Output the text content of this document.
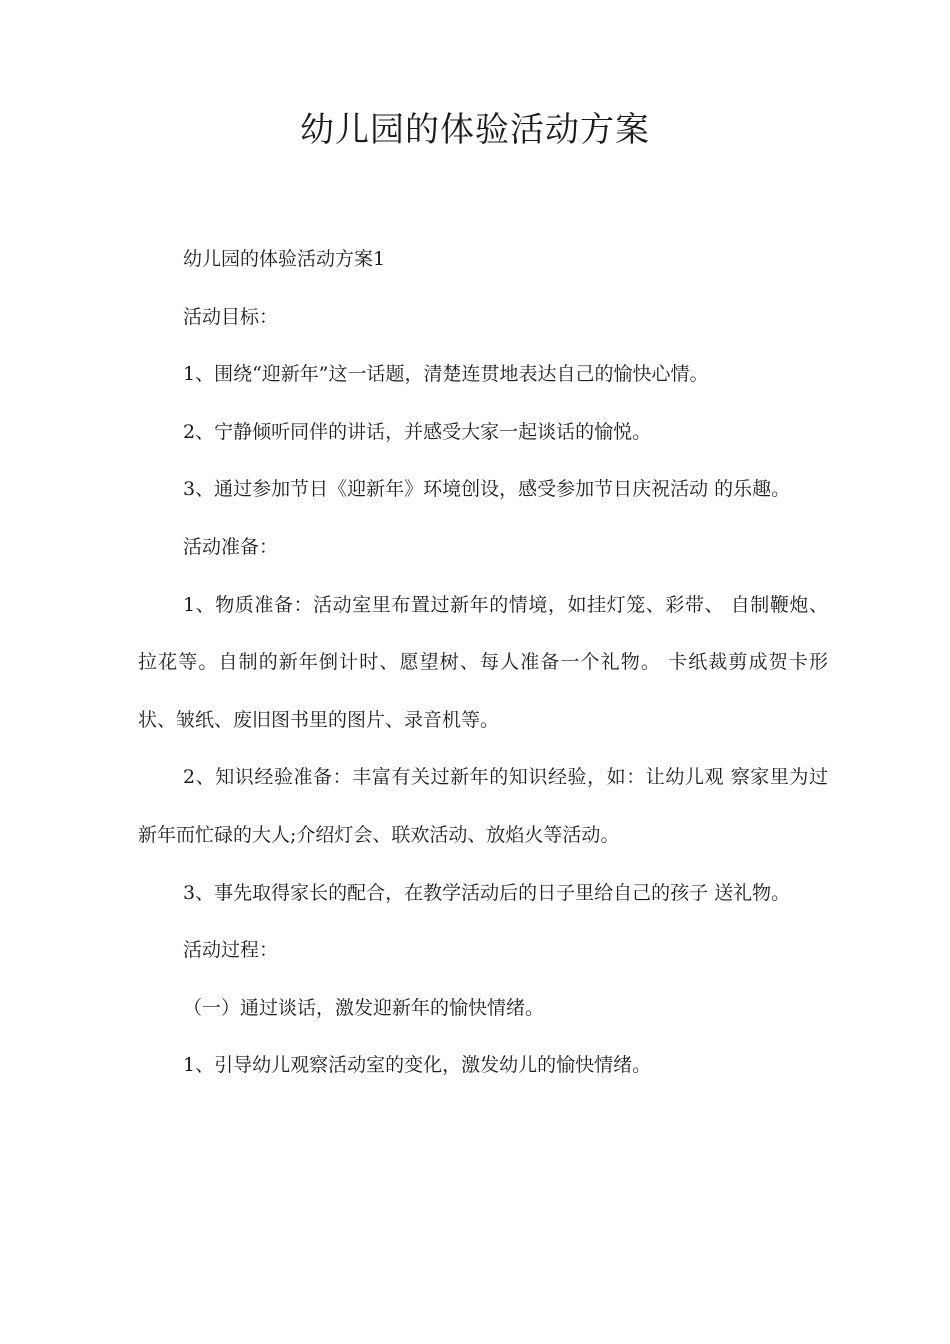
幼儿园的体验活动方案

幼儿园的体验活动方案1

活动目标：

1、围绕“迎新年”这一话题，清楚连贯地表达自己的愉快心情。

2、宁静倾听同伴的讲话，并感受大家一起谈话的愉悦。

3、通过参加节日《迎新年》环境创设，感受参加节日庆祝活动 的乐趣。

活动准备：

1、物质准备：活动室里布置过新年的情境，如挂灯笼、彩带、 自制鞭炮、拉花等。自制的新年倒计时、愿望树、每人准备一个礼物。 卡纸裁剪成贺卡形状、皱纸、废旧图书里的图片、录音机等。

2、知识经验准备：丰富有关过新年的知识经验，如：让幼儿观 察家里为过新年而忙碌的大人;介绍灯会、联欢活动、放焰火等活动。

3、事先取得家长的配合，在教学活动后的日子里给自己的孩子 送礼物。

活动过程：

（一）通过谈话，激发迎新年的愉快情绪。

1、引导幼儿观察活动室的变化，激发幼儿的愉快情绪。
